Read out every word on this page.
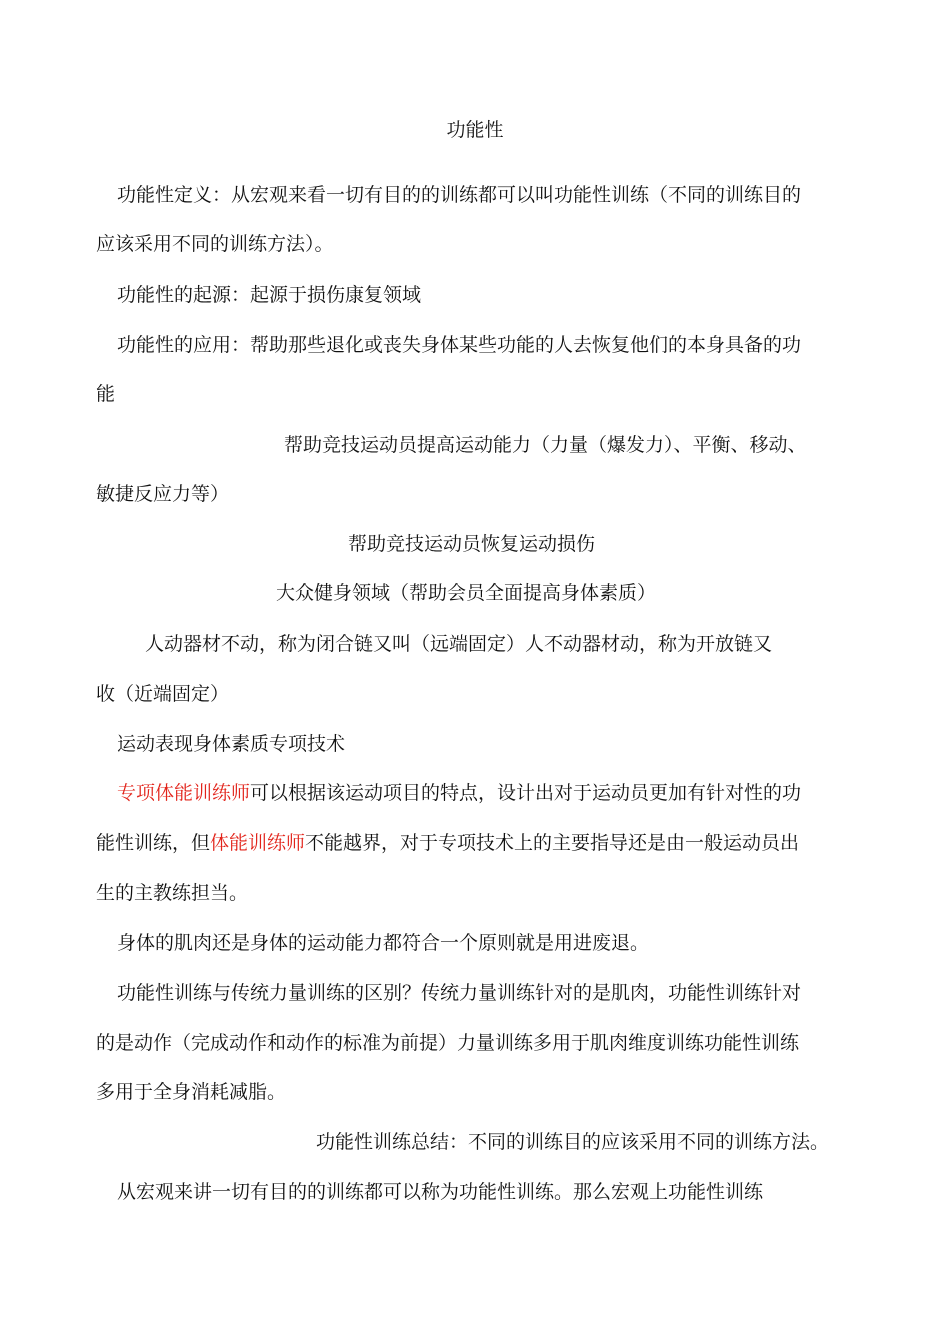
功能性
功能性定义：从宏观来看一切有目的的训练都可以叫功能性训练（不同的训练目的
应该采用不同的训练方法）。
功能性的起源：起源于损伤康复领域
功能性的应用：帮助那些退化或丧失身体某些功能的人去恢复他们的本身具备的功
能
帮助竞技运动员提高运动能力（力量（爆发力）、平衡、移动、
敏捷反应力等）
帮助竞技运动员恢复运动损伤
大众健身领域（帮助会员全面提高身体素质）
人动器材不动，称为闭合链又叫（远端固定）人不动器材动，称为开放链又
收（近端固定）
运动表现身体素质专项技术
专项体能训练师可以根据该运动项目的特点，设计出对于运动员更加有针对性的功
能性训练，但体能训练师不能越界，对于专项技术上的主要指导还是由一般运动员出
生的主教练担当。
身体的肌肉还是身体的运动能力都符合一个原则就是用进废退。
功能性训练与传统力量训练的区别？传统力量训练针对的是肌肉，功能性训练针对
的是动作（完成动作和动作的标准为前提）力量训练多用于肌肉维度训练功能性训练
多用于全身消耗减脂。
功能性训练总结：不同的训练目的应该采用不同的训练方法。
从宏观来讲一切有目的的训练都可以称为功能性训练。那么宏观上功能性训练
